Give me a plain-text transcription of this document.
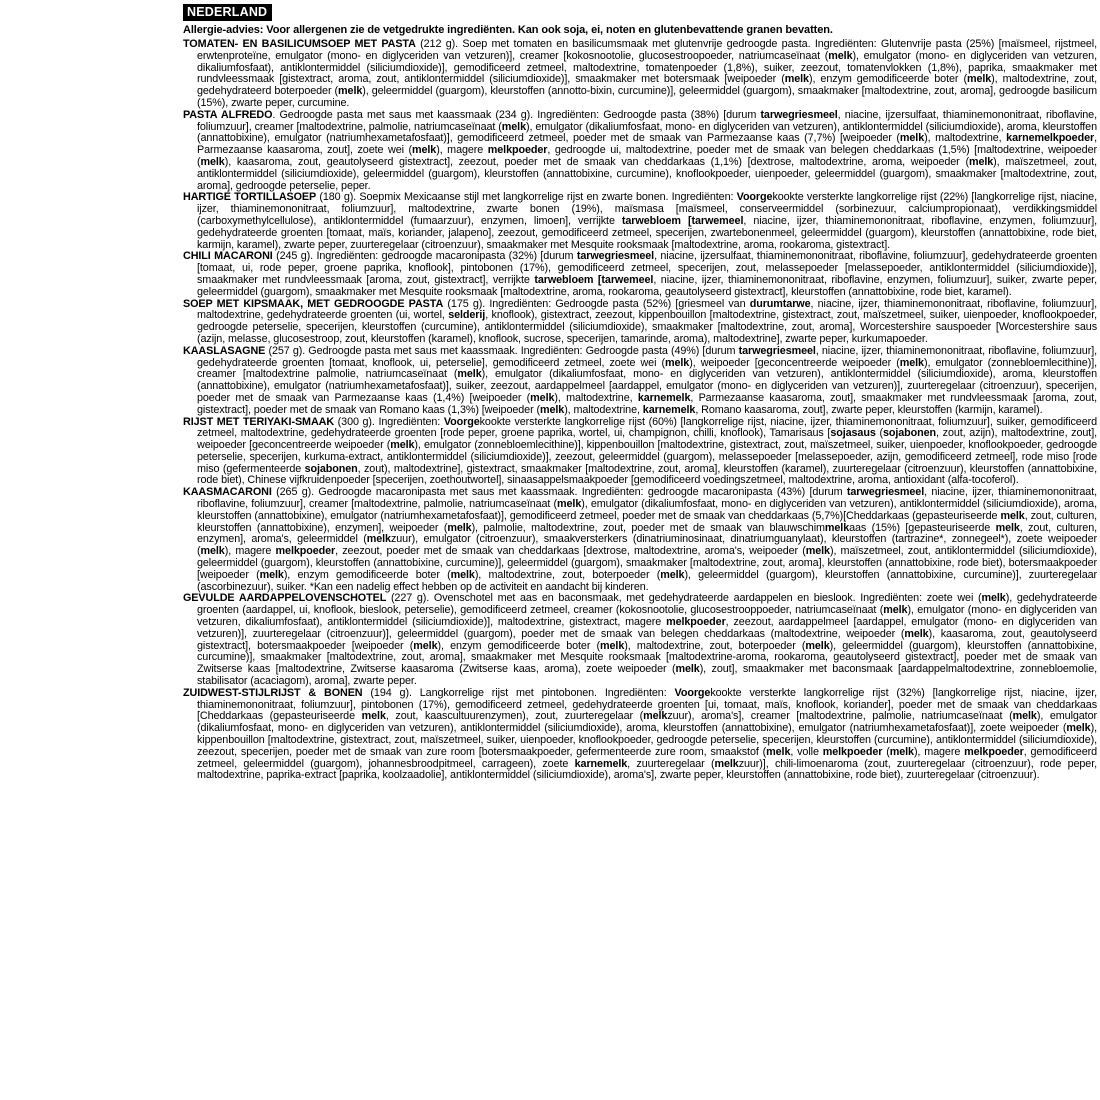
NEDERLAND
Allergie-advies: Voor allergenen zie de vetgedrukte ingrediënten. Kan ook soja, ei, noten en glutenbevattende granen bevatten.
TOMATEN- EN BASILICUMSOEP MET PASTA (212 g). Soep met tomaten en basilicumsmaak met glutenvrije gedroogde pasta. Ingrediënten: Glutenvrije pasta (25%) [maïsmeel, rijstmeel, erwtenproteïne, emulgator (mono- en diglyceriden van vetzuren)], creamer [kokosnootolie, glucosestroopoeder, natriumcaseïnaat (melk), emulgator (mono- en diglyceriden van vetzuren, dikaliumfosfaat), antiklontermiddel (siliciumdioxide)], gemodificeerd zetmeel, maltodextrine, tomatenpoeder (1,8%), suiker, zeezout, tomatenvlokken (1,8%), paprika, smaakmaker met rundvleessmaak [gistextract, aroma, zout, antiklontermiddel (siliciumdioxide)], smaakmaker met botersmaak [weipoeder (melk), enzym gemodificeerde boter (melk), maltodextrine, zout, gedehydrateerd boterpoeder (melk), geleermiddel (guargom), kleurstoffen (annotto-bixin, curcumine)], geleermiddel (guargom), smaakmaker [maltodextrine, zout, aroma], gedroogde basilicum (15%), zwarte peper, curcumine.
PASTA ALFREDO. Gedroogde pasta met saus met kaassmaak (234 g). Ingrediënten: Gedroogde pasta (38%) [durum tarwegriesmeel, niacine, ijzersulfaat, thiaminemononitraat, riboflavine, foliumzuur], creamer [maltodextrine, palmolie, natriumcaseïnaat (melk), emulgator (dikaliumfosfaat, mono- en diglyceriden van vetzuren), antiklontermiddel (siliciumdioxide), aroma, kleurstoffen (annattobixine), emulgator (natriumhexametafosfaat)], gemodificeerd zetmeel, poeder met de smaak van Parmezaanse kaas (7,7%) [weipoeder (melk), maltodextrine, karnemelkpoeder, Parmezaanse kaasaroma, zout], zoete wei (melk), magere melkpoeder, gedroogde ui, maltodextrine, poeder met de smaak van belegen cheddarkaas (1,5%) [maltodextrine, weipoeder (melk), kaasaroma, zout, geautolyseerd gistextract], zeezout, poeder met de smaak van cheddarkaas (1,1%) [dextrose, maltodextrine, aroma, weipoeder (melk), maïszetmeel, zout, antiklontermiddel (siliciumdioxide), geleermiddel (guargom), kleurstoffen (annattobixine, curcumine), knoflookpoeder, uienpoeder, geleermiddel (guargom), smaakmaker [maltodextrine, zout, aroma], gedroogde peterselie, peper.
HARTIGE TORTILLASOEP (180 g). Soepmix Mexicaanse stijl met langkorrelige rijst en zwarte bonen. Ingrediënten: Voorgekookte versterkte langkorrelige rijst (22%) [langkorrelige rijst, niacine, ijzer, thiaminemononitraat, foliumzuur], maltodextrine, zwarte bonen (19%), maïsmasa [maïsmeel, conserveermiddel (sorbinezuur, calciumpropionaat), verdikkingsmiddel (carboxymethylcellulose), antiklontermiddel (fumaarzuur), enzymen, limoen], verrijkte tarwebloem [tarwemeel, niacine, ijzer, thiaminemononitraat, riboflavine, enzymen, foliumzuur], gedehydrateerde groenten [tomaat, maïs, koriander, jalapeno], zeezout, gemodificeerd zetmeel, specerijen, zwartebonenmeel, geleermiddel (guargom), kleurstoffen (annattobixine, rode biet, karmijn, karamel), zwarte peper, zuurteregelaar (citroenzuur), smaakmaker met Mesquite rooksmaak [maltodextrine, aroma, rookaroma, gistextract].
CHILI MACARONI (245 g). Ingrediënten: gedroogde macaronipasta (32%) [durum tarwegriesmeel, niacine, ijzersulfaat, thiaminemononitraat, riboflavine, foliumzuur], gedehydrateerde groenten [tomaat, ui, rode peper, groene paprika, knoflook], pintobonen (17%), gemodificeerd zetmeel, specerijen, zout, melassepoeder [melassepoeder, antiklontermiddel (siliciumdioxide)], smaakmaker met rundvleessmaak [aroma, zout, gistextract], verrijkte tarwebloem [tarwemeel, niacine, ijzer, thiaminemononitraat, riboflavine, enzymen, foliumzuur], suiker, zwarte peper, geleermiddel (guargom), smaakmaker met Mesquite rooksmaak [maltodextrine, aroma, rookaroma, geautolyseerd gistextract], kleurstoffen (annattobixine, rode biet, karamel).
SOEP MET KIPSMAAK, MET GEDROOGDE PASTA (175 g). Ingrediënten: Gedroogde pasta (52%) [griesmeel van durumtarwe, niacine, ijzer, thiaminemononitraat, riboflavine, foliumzuur], maltodextrine, gedehydrateerde groenten (ui, wortel, selderij, knoflook), gistextract, zeezout, kippenbouillon [maltodextrine, gistextract, zout, maïszetmeel, suiker, uienpoeder, knoflookpoeder, gedroogde peterselie, specerijen, kleurstoffen (curcumine), antiklontermiddel (siliciumdioxide), smaakmaker [maltodextrine, zout, aroma], Worcestershire sauspoeder [Worcestershire saus (azijn, melasse, glucosestroop, zout, kleurstoffen (karamel), knoflook, sucrose, specerijen, tamarinde, aroma), maltodextrine], zwarte peper, kurkumapoeder.
KAASLASAGNE (257 g). Gedroogde pasta met saus met kaassmaak. Ingrediënten: Gedroogde pasta (49%) [durum tarwegriesmeel, niacine, ijzer, thiaminemononitraat, riboflavine, foliumzuur], gedehydrateerde groenten [tomaat, knoflook, ui, peterselie], gemodificeerd zetmeel, zoete wei (melk), weipoeder [geconcentreerde weipoeder (melk), emulgator (zonnebloemlecithine)], creamer [maltodextrine palmolie, natriumcaseïnaat (melk), emulgator (dikaliumfosfaat, mono- en diglyceriden van vetzuren), antiklontermiddel (siliciumdioxide), aroma, kleurstoffen (annattobixine), emulgator (natriumhexametafosfaat)], suiker, zeezout, aardappelmeel [aardappel, emulgator (mono- en diglyceriden van vetzuren)], zuurteregelaar (citroenzuur), specerijen, poeder met de smaak van Parmezaanse kaas (1,4%) [weipoeder (melk), maltodextrine, karnemelk, Parmezaanse kaasaroma, zout], smaakmaker met rundvleessmaak [aroma, zout, gistextract], poeder met de smaak van Romano kaas (1,3%) [weipoeder (melk), maltodextrine, karnemelk, Romano kaasaroma, zout], zwarte peper, kleurstoffen (karmijn, karamel).
RIJST MET TERIYAKI-SMAAK (300 g). Ingrediënten: Voorgekookte versterkte langkorrelige rijst (60%) [langkorrelige rijst, niacine, ijzer, thiaminemononitraat, foliumzuur], suiker, gemodificeerd zetmeel, maltodextrine, gedehydrateerde groenten [rode peper, groene paprika, wortel, ui, champignon, chilli, knoflook), Tamarisaus [sojasaus (sojabonen, zout, azijn), maltodextrine, zout], weipoeder [geconcentreerde weipoeder (melk), emulgator (zonnebloemlecithine)], kippenbouillon [maltodextrine, gistextract, zout, maïszetmeel, suiker, uienpoeder, knoflookpoeder, gedroogde peterselie, specerijen, kurkuma-extract, antiklontermiddel (siliciumdioxide)], zeezout, geleermiddel (guargom), melassepoeder [melassepoeder, azijn, gemodificeerd zetmeel], rode miso [rode miso (gefermenteerde sojabonen, zout), maltodextrine], gistextract, smaakmaker [maltodextrine, zout, aroma], kleurstoffen (karamel), zuurteregelaar (citroenzuur), kleurstoffen (annattobixine, rode biet), Chinese vijfkruidenpoeder [specerijen, zoethoutwortel], sinaasappelsmaakpoeder [gemodificeerd voedingszetmeel, maltodextrine, aroma, antioxidant (alfa-tocoferol).
KAASMACARONI (265 g). Gedroogde macaronipasta met saus met kaassmaak. Ingrediënten: gedroogde macaronipasta (43%) [durum tarwegriesmeel, niacine, ijzer, thiaminemononitraat, riboflavine, foliumzuur], creamer [maltodextrine, palmolie, natriumcaseïnaat (melk), emulgator (dikaliumfosfaat, mono- en diglyceriden van vetzuren), antiklontermiddel (siliciumdioxide), aroma, kleurstoffen (annattobixine), emulgator (natriumhexametafosfaat)], gemodificeerd zetmeel, poeder met de smaak van cheddarkaas (5,7%)[Cheddarkaas (gepasteuriseerde melk, zout, culturen, kleurstoffen (annattobixine), enzymen], weipoeder (melk), palmolie, maltodextrine, zout, poeder met de smaak van blauwschimmelkaas (15%) [gepasteuriseerde melk, zout, culturen, enzymen], aroma's, geleermiddel (melkzuur), emulgator (citroenzuur), smaakversterkers (dinatriuminosinaat, dinatriumguanylaat), kleurstoffen (tartrazine*, zonnegeel*), zoete weipoeder (melk), magere melkpoeder, zeezout, poeder met de smaak van cheddarkaas [dextrose, maltodextrine, aroma's, weipoeder (melk), maïszetmeel, zout, antiklontermiddel (siliciumdioxide), geleermiddel (guargom), kleurstoffen (annattobixine, curcumine)], geleermiddel (guargom), smaakmaker [maltodextrine, zout, aroma], kleurstoffen (annattobixine, rode biet), botersmaakpoeder [weipoeder (melk), enzym gemodificeerde boter (melk), maltodextrine, zout, boterpoeder (melk), geleermiddel (guargom), kleurstoffen (annattobixine, curcumine)], zuurteregelaar (ascorbinezuur), suiker. *Kan een nadelig effect hebben op de activiteit en aandacht bij kinderen.
GEVULDE AARDAPPELOVENSCHOTEL (227 g). Ovenschotel met aas en baconsmaak, met gedehydrateerde aardappelen en bieslook. Ingrediënten: zoete wei (melk), gedehydrateerde groenten (aardappel, ui, knoflook, bieslook, peterselie), gemodificeerd zetmeel, creamer (kokosnootolie, glucosestrooppoeder, natriumcaseïnaat (melk), emulgator (mono- en diglyceriden van vetzuren, dikaliumfosfaat), antiklontermiddel (siliciumdioxide)], maltodextrine, gistextract, magere melkpoeder, zeezout, aardappelmeel [aardappel, emulgator (mono- en diglyceriden van vetzuren)], zuurteregelaar (citroenzuur)], geleermiddel (guargom), poeder met de smaak van belegen cheddarkaas (maltodextrine, weipoeder (melk), kaasaroma, zout, geautolyseerd gistextract], botersmaakpoeder [weipoeder (melk), enzym gemodificeerde boter (melk), maltodextrine, zout, boterpoeder (melk), geleermiddel (guargom), kleurstoffen (annattobixine, curcumine)], smaakmaker [maltodextrine, zout, aroma], smaakmaker met Mesquite rooksmaak [maltodextrine-aroma, rookaroma, geautolyseerd gistextract], poeder met de smaak van Zwitserse kaas [maltodextrine, Zwitserse kaasaroma (Zwitserse kaas, aroma), zoete weipoeder (melk), zout], smaakmaker met baconsmaak [aardappelmaltodextrine, zonnebloemolie, stabilisator (acaciagom), aroma], zwarte peper.
ZUIDWEST-STIJLRIJST & BONEN (194 g). Langkorrelige rijst met pintobonen. Ingrediënten: Voorgekookte versterkte langkorrelige rijst (32%) [langkorrelige rijst, niacine, ijzer, thiaminemononitraat, foliumzuur], pintobonen (17%), gemodificeerd zetmeel, gedehydrateerde groenten [ui, tomaat, maïs, knoflook, koriander], poeder met de smaak van cheddarkaas [Cheddarkaas (gepasteuriseerde melk, zout, kaascultuurenzymen), zout, zuurteregelaar (melkzuur), aroma's], creamer [maltodextrine, palmolie, natriumcaseïnaat (melk), emulgator (dikaliumfosfaat, mono- en diglyceriden van vetzuren), antiklontermiddel (siliciumdioxide), aroma, kleurstoffen (annattobixine), emulgator (natriumhexametafosfaat)], zoete weipoeder (melk), kippenbouillon [maltodextrine, gistextract, zout, maïszetmeel, suiker, uienpoeder, knoflookpoeder, gedroogde peterselie, specerijen, kleurstoffen (curcumine), antiklontermiddel (siliciumdioxide), zeezout, specerijen, poeder met de smaak van zure room [botersmaakpoeder, gefermenteerde zure room, smaakstof (melk, volle melkpoeder (melk), magere melkpoeder, gemodificeerd zetmeel, geleermiddel (guargom), johannesbroodpitmeel, carrageen), zoete karnemelk, zuurteregelaar (melkzuur)], chili-limoenaroma (zout, zuurteregelaar (citroenzuur), rode peper, maltodextrine, paprika-extract [paprika, koolzaadolie], antiklontermiddel (siliciumdioxide), aroma's], zwarte peper, kleurstoffen (annattobixine, rode biet), zuurteregelaar (citroenzuur).
